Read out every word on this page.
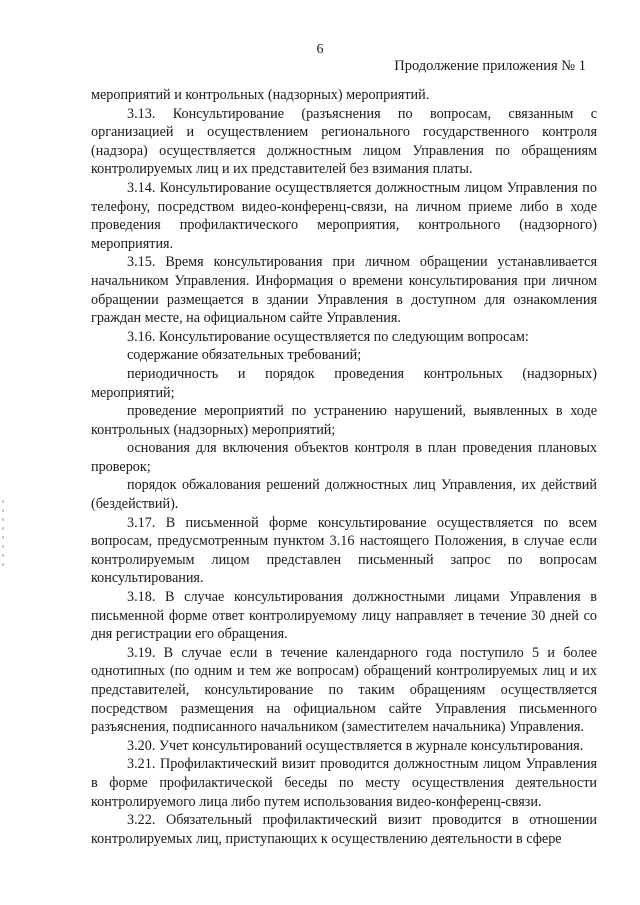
6
Продолжение приложения № 1

мероприятий и контрольных (надзорных) мероприятий.

3.13. Консультирование (разъяснения по вопросам, связанным с организацией и осуществлением регионального государственного контроля (надзора) осуществляется должностным лицом Управления по обращениям контролируемых лиц и их представителей без взимания платы.

3.14. Консультирование осуществляется должностным лицом Управления по телефону, посредством видео-конференц-связи, на личном приеме либо в ходе проведения профилактического мероприятия, контрольного (надзорного) мероприятия.

3.15. Время консультирования при личном обращении устанавливается начальником Управления. Информация о времени консультирования при личном обращении размещается в здании Управления в доступном для ознакомления граждан месте, на официальном сайте Управления.

3.16. Консультирование осуществляется по следующим вопросам:

содержание обязательных требований;

периодичность и порядок проведения контрольных (надзорных) мероприятий;

проведение мероприятий по устранению нарушений, выявленных в ходе контрольных (надзорных) мероприятий;

основания для включения объектов контроля в план проведения плановых проверок;

порядок обжалования решений должностных лиц Управления, их действий (бездействий).

3.17. В письменной форме консультирование осуществляется по всем вопросам, предусмотренным пунктом 3.16 настоящего Положения, в случае если контролируемым лицом представлен письменный запрос по вопросам консультирования.

3.18. В случае консультирования должностными лицами Управления в письменной форме ответ контролируемому лицу направляет в течение 30 дней со дня регистрации его обращения.

3.19. В случае если в течение календарного года поступило 5 и более однотипных (по одним и тем же вопросам) обращений контролируемых лиц и их представителей, консультирование по таким обращениям осуществляется посредством размещения на официальном сайте Управления письменного разъяснения, подписанного начальником (заместителем начальника) Управления.

3.20. Учет консультирований осуществляется в журнале консультирования.

3.21. Профилактический визит проводится должностным лицом Управления в форме профилактической беседы по месту осуществления деятельности контролируемого лица либо путем использования видео-конференц-связи.

3.22. Обязательный профилактический визит проводится в отношении контролируемых лиц, приступающих к осуществлению деятельности в сфере
